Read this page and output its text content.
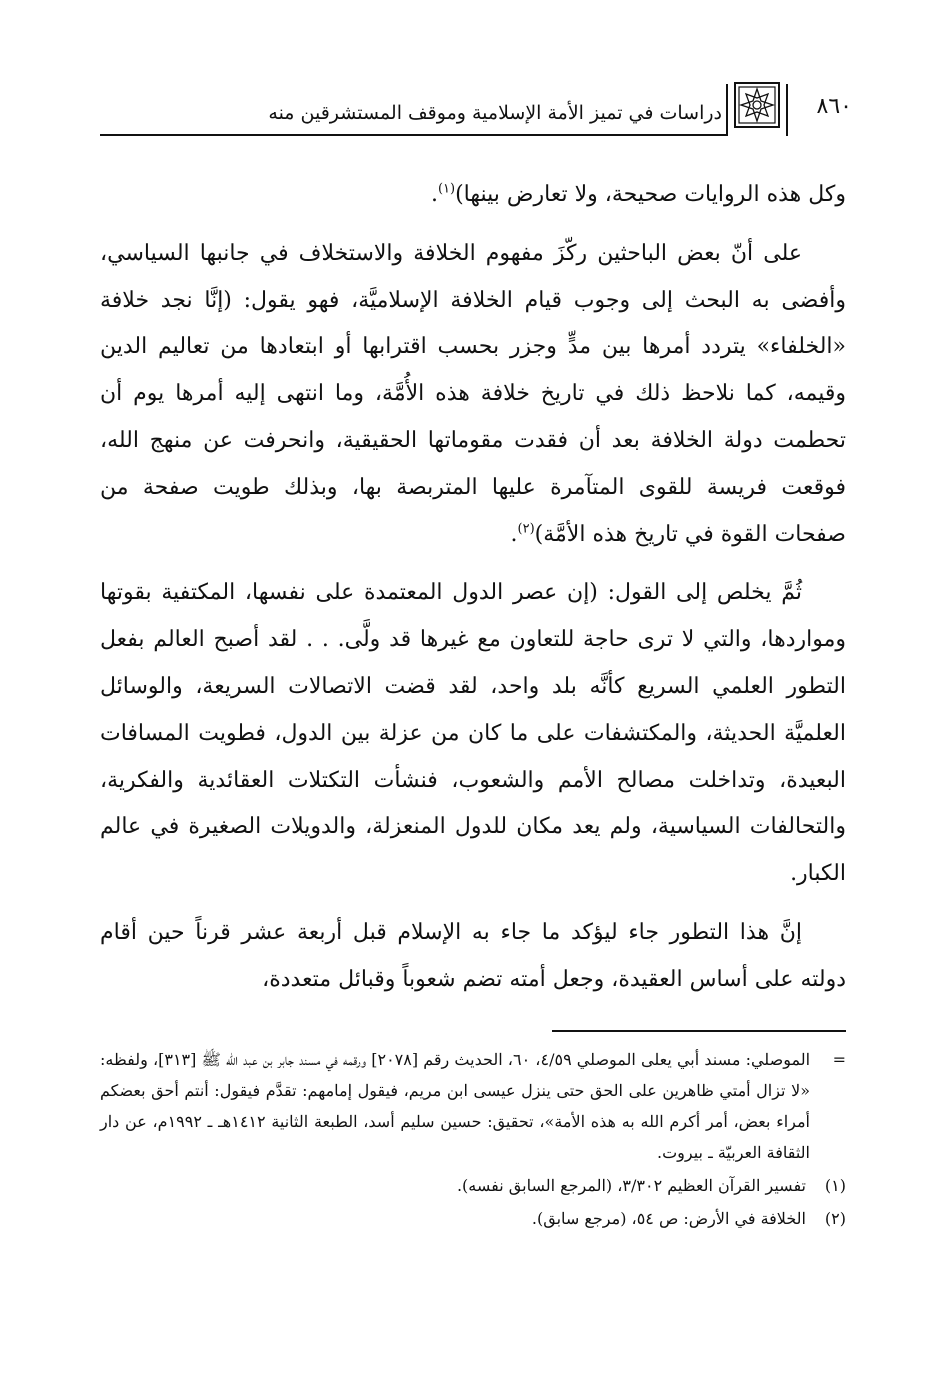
دراسات في تميز الأمة الإسلامية وموقف المستشرقين منه	٨٦٠

وكل هذه الروايات صحيحة، ولا تعارض بينها)$^{(١)}$.

على أنّ بعض الباحثين ركّزَ مفهوم الخلافة والاستخلاف في جانبها السياسي، وأفضى به البحث إلى وجوب قيام الخلافة الإسلاميَّة، فهو يقول: (إنَّا نجد خلافة «الخلفاء» يتردد أمرها بين مدٍّ وجزر بحسب اقترابها أو ابتعادها من تعاليم الدين وقيمه، كما نلاحظ ذلك في تاريخ خلافة هذه الأُمَّة، وما انتهى إليه أمرها يوم أن تحطمت دولة الخلافة بعد أن فقدت مقوماتها الحقيقية، وانحرفت عن منهج الله، فوقعت فريسة للقوى المتآمرة عليها المتربصة بها، وبذلك طويت صفحة من صفحات القوة في تاريخ هذه الأمَّة)$^{(٢)}$.

ثُمَّ يخلص إلى القول: (إن عصر الدول المعتمدة على نفسها، المكتفية بقوتها ومواردها، والتي لا ترى حاجة للتعاون مع غيرها قد ولَّى. . . لقد أصبح العالم بفعل التطور العلمي السريع كأنَّه بلد واحد، لقد قضت الاتصالات السريعة، والوسائل العلميَّة الحديثة، والمكتشفات على ما كان من عزلة بين الدول، فطويت المسافات البعيدة، وتداخلت مصالح الأمم والشعوب، فنشأت التكتلات العقائدية والفكرية، والتحالفات السياسية، ولم يعد مكان للدول المنعزلة، والدويلات الصغيرة في عالم الكبار.

إنَّ هذا التطور جاء ليؤكد ما جاء به الإسلام قبل أربعة عشر قرناً حين أقام دولته على أساس العقيدة، وجعل أمته تضم شعوباً وقبائل متعددة،

=
الموصلي: مسند أبي يعلى الموصلي ٤/٥٩، ٦٠، الحديث رقم [٢٠٧٨] ورقمه في مسند جابر بن عبد الله ﷺ [٣١٣]، ولفظه: «لا تزال أمتي ظاهرين على الحق حتى ينزل عيسى ابن مريم، فيقول إمامهم: تقدَّم فيقول: أنتم أحق بعضكم أمراء بعض، أمر أكرم الله به هذه الأمة»، تحقيق: حسين سليم أسد، الطبعة الثانية ١٤١٢هـ ـ ١٩٩٢م، عن دار الثقافة العربيّة ـ بيروت.
(١)
تفسير القرآن العظيم ٣/٣٠٢، (المرجع السابق نفسه).
(٢)
الخلافة في الأرض: ص ٥٤، (مرجع سابق).
